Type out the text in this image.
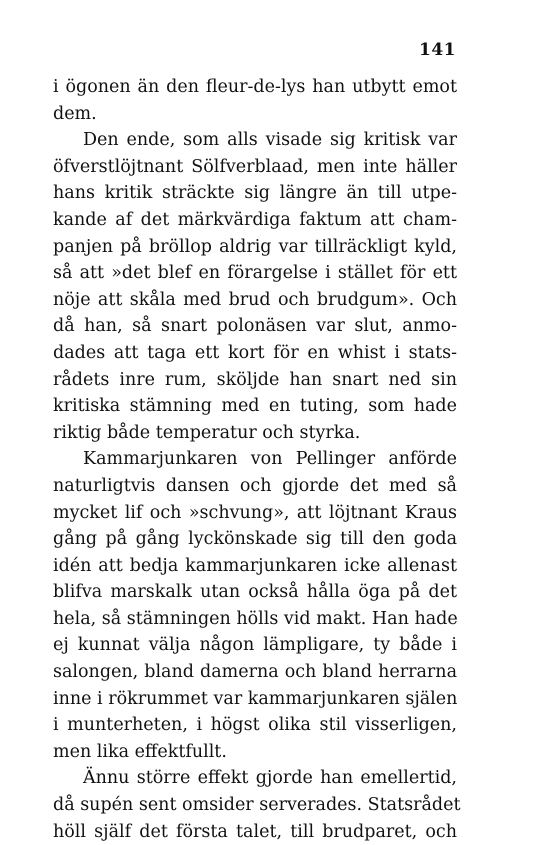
141
i ögonen än den fleur-de-lys han utbytt emot
dem.
Den ende, som alls visade sig kritisk var
öfverstlöjtnant Sölfverblaad, men inte häller
hans kritik sträckte sig längre än till utpe-
kande af det märkvärdiga faktum att cham-
panjen på bröllop aldrig var tillräckligt kyld,
så att »det blef en förargelse i stället för ett
nöje att skåla med brud och brudgum». Och
då han, så snart polonäsen var slut, anmo-
dades att taga ett kort för en whist i stats-
rådets inre rum, sköljde han snart ned sin
kritiska stämning med en tuting, som hade
riktig både temperatur och styrka.
Kammarjunkaren von Pellinger anförde
naturligtvis dansen och gjorde det med så
mycket lif och »schvung», att löjtnant Kraus
gång på gång lyckönskade sig till den goda
idén att bedja kammarjunkaren icke allenast
blifva marskalk utan också hålla öga på det
hela, så stämningen hölls vid makt. Han hade
ej kunnat välja någon lämpligare, ty både i
salongen, bland damerna och bland herrarna
inne i rökrummet var kammarjunkaren själen
i munterheten, i högst olika stil visserligen,
men lika effektfullt.
Ännu större effekt gjorde han emellertid,
då supén sent omsider serverades. Statsrådet
höll själf det första talet, till brudparet, och
